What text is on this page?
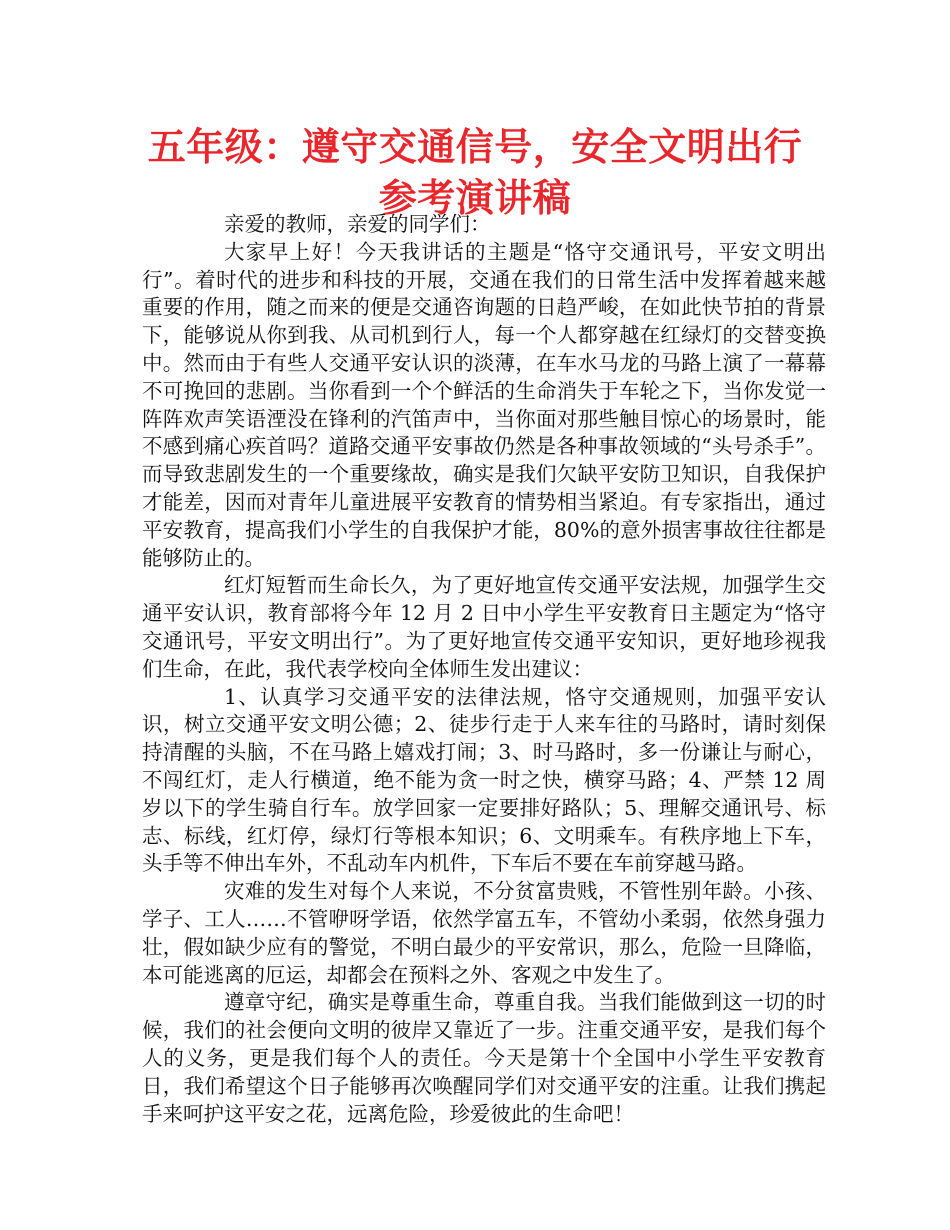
五年级：遵守交通信号，安全文明出行参考演讲稿

亲爱的教师，亲爱的同学们：

大家早上好！今天我讲话的主题是“恪守交通讯号，平安文明出行”。着时代的进步和科技的开展，交通在我们的日常生活中发挥着越来越重要的作用，随之而来的便是交通咨询题的日趋严峻，在如此快节拍的背景下，能够说从你到我、从司机到行人，每一个人都穿越在红绿灯的交替变换中。然而由于有些人交通平安认识的淡薄，在车水马龙的马路上演了一幕幕不可挽回的悲剧。当你看到一个个鲜活的生命消失于车轮之下，当你发觉一阵阵欢声笑语湮没在锋利的汽笛声中，当你面对那些触目惊心的场景时，能不感到痛心疾首吗？道路交通平安事故仍然是各种事故领域的“头号杀手”。 而导致悲剧发生的一个重要缘故，确实是我们欠缺平安防卫知识，自我保护才能差，因而对青年儿童进展平安教育的情势相当紧迫。有专家指出，通过平安教育，提高我们小学生的自我保护才能，80%的意外损害事故往往都是能够防止的。

红灯短暂而生命长久，为了更好地宣传交通平安法规，加强学生交通平安认识，教育部将今年 12 月 2 日中小学生平安教育日主题定为“恪守交通讯号，平安文明出行”。为了更好地宣传交通平安知识，更好地珍视我们生命，在此，我代表学校向全体师生发出建议：

1、认真学习交通平安的法律法规，恪守交通规则，加强平安认识，树立交通平安文明公德；2、徒步行走于人来车往的马路时，请时刻保持清醒的头脑，不在马路上嬉戏打闹；3、时马路时，多一份谦让与耐心，不闯红灯，走人行横道，绝不能为贪一时之快，横穿马路；4、严禁 12 周岁以下的学生骑自行车。放学回家一定要排好路队；5、理解交通讯号、标志、标线，红灯停，绿灯行等根本知识；6、文明乘车。有秩序地上下车，头手等不伸出车外，不乱动车内机件，下车后不要在车前穿越马路。

灾难的发生对每个人来说，不分贫富贵贱，不管性别年龄。小孩、学子、工人……不管咿呀学语，依然学富五车，不管幼小柔弱，依然身强力壮，假如缺少应有的警觉，不明白最少的平安常识，那么，危险一旦降临，本可能逃离的厄运，却都会在预料之外、客观之中发生了。

遵章守纪，确实是尊重生命，尊重自我。当我们能做到这一切的时候，我们的社会便向文明的彼岸又靠近了一步。注重交通平安，是我们每个人的义务，更是我们每个人的责任。今天是第十个全国中小学生平安教育日，我们希望这个日子能够再次唤醒同学们对交通平安的注重。让我们携起手来呵护这平安之花，远离危险，珍爱彼此的生命吧！
